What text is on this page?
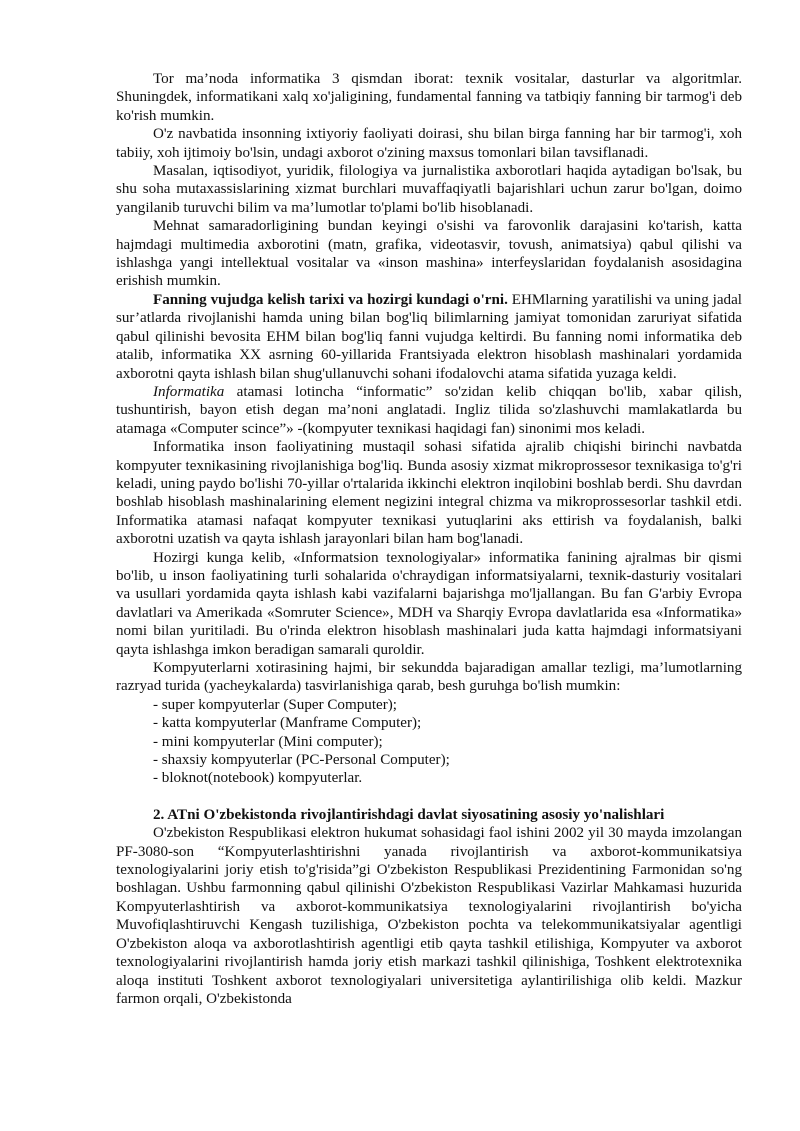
Tor ma’noda informatika 3 qismdan iborat: texnik vositalar, dasturlar va algoritmlar. Shuningdek, informatikani xalq xo'jaligining, fundamental fanning va tatbiqiy fanning bir tarmog'i deb ko'rish mumkin.

O'z navbatida insonning ixtiyoriy faoliyati doirasi, shu bilan birga fanning har bir tarmog'i, xoh tabiiy, xoh ijtimoiy bo'lsin, undagi axborot o'zining maxsus tomonlari bilan tavsiflanadi.

Masalan, iqtisodiyot, yuridik, filologiya va jurnalistika axborotlari haqida aytadigan bo'lsak, bu shu soha mutaxassislarining xizmat burchlari muvaffaqiyatli bajarishlari uchun zarur bo'lgan, doimo yangilanib turuvchi bilim va ma’lumotlar to'plami bo'lib hisoblanadi.

Mehnat samaradorligining bundan keyingi o'sishi va farovonlik darajasini ko'tarish, katta hajmdagi multimedia axborotini (matn, grafika, videotasvir, tovush, animatsiya) qabul qilishi va ishlashga yangi intellektual vositalar va «inson mashina» interfeyslaridan foydalanish asosidagina erishish mumkin.

Fanning vujudga kelish tarixi va hozirgi kundagi o'rni. EHMlarning yaratilishi va uning jadal sur’atlarda rivojlanishi hamda uning bilan bog'liq bilimlarning jamiyat tomonidan zaruriyat sifatida qabul qilinishi bevosita EHM bilan bog'liq fanni vujudga keltirdi. Bu fanning nomi informatika deb atalib, informatika XX asrning 60-yillarida Frantsiyada elektron hisoblash mashinalari yordamida axborotni qayta ishlash bilan shug'ullanuvchi sohani ifodalovchi atama sifatida yuzaga keldi.

Informatika atamasi lotincha “informatic” so'zidan kelib chiqqan bo'lib, xabar qilish, tushuntirish, bayon etish degan ma’noni anglatadi. Ingliz tilida so'zlashuvchi mamlakatlarda bu atamaga «Computer scince”» -(kompyuter texnikasi haqidagi fan) sinonimi mos keladi.

Informatika inson faoliyatining mustaqil sohasi sifatida ajralib chiqishi birinchi navbatda kompyuter texnikasining rivojlanishiga bog'liq. Bunda asosiy xizmat mikroprossesor texnikasiga to'g'ri keladi, uning paydo bo'lishi 70-yillar o'rtalarida ikkinchi elektron inqilobini boshlab berdi. Shu davrdan boshlab hisoblash mashinalarining element negizini integral chizma va mikroprossesorlar tashkil etdi. Informatika atamasi nafaqat kompyuter texnikasi yutuqlarini aks ettirish va foydalanish, balki axborotni uzatish va qayta ishlash jarayonlari bilan ham bog'lanadi.

Hozirgi kunga kelib, «Informatsion texnologiyalar» informatika fanining ajralmas bir qismi bo'lib, u inson faoliyatining turli sohalarida o'chraydigan informatsiyalarni, texnik-dasturiy vositalari va usullari yordamida qayta ishlash kabi vazifalarni bajarishga mo'ljallangan. Bu fan G'arbiy Evropa davlatlari va Amerikada «Somruter Science», MDH va Sharqiy Evropa davlatlarida esa «Informatika» nomi bilan yuritiladi. Bu o'rinda elektron hisoblash mashinalari juda katta hajmdagi informatsiyani qayta ishlashga imkon beradigan samarali quroldir.

Kompyuterlarni xotirasining hajmi, bir sekundda bajaradigan amallar tezligi, ma’lumotlarning razryad turida (yacheykalarda) tasvirlanishiga qarab, besh guruhga bo'lish mumkin:

- super kompyuterlar (Super Computer);
- katta kompyuterlar (Manframe Computer);
- mini kompyuterlar (Mini computer);
- shaxsiy kompyuterlar (PC-Personal Computer);
- bloknot(notebook) kompyuterlar.
2. ATni O'zbekistonda rivojlantirishdagi davlat siyosatining asosiy yo'nalishlari

O'zbekiston Respublikasi elektron hukumat sohasidagi faol ishini 2002 yil 30 mayda imzolangan PF-3080-son “Kompyuterlashtirishni yanada rivojlantirish va axborot-kommunikatsiya texnologiyalarini joriy etish to'g'risida”gi O'zbekiston Respublikasi Prezidentining Farmonidan so'ng boshlagan. Ushbu farmonning qabul qilinishi O'zbekiston Respublikasi Vazirlar Mahkamasi huzurida Kompyuterlashtirish va axborot-kommunikatsiya texnologiyalarini rivojlantirish bo'yicha Muvofiqlashtiruvchi Kengash tuzilishiga, O'zbekiston pochta va telekommunikatsiyalar agentligi O'zbekiston aloqa va axborotlashtirish agentligi etib qayta tashkil etilishiga, Kompyuter va axborot texnologiyalarini rivojlantirish hamda joriy etish markazi tashkil qilinishiga, Toshkent elektrotexnika aloqa instituti Toshkent axborot texnologiyalari universitetiga aylantirilishiga olib keldi. Mazkur farmon orqali, O'zbekistonda
